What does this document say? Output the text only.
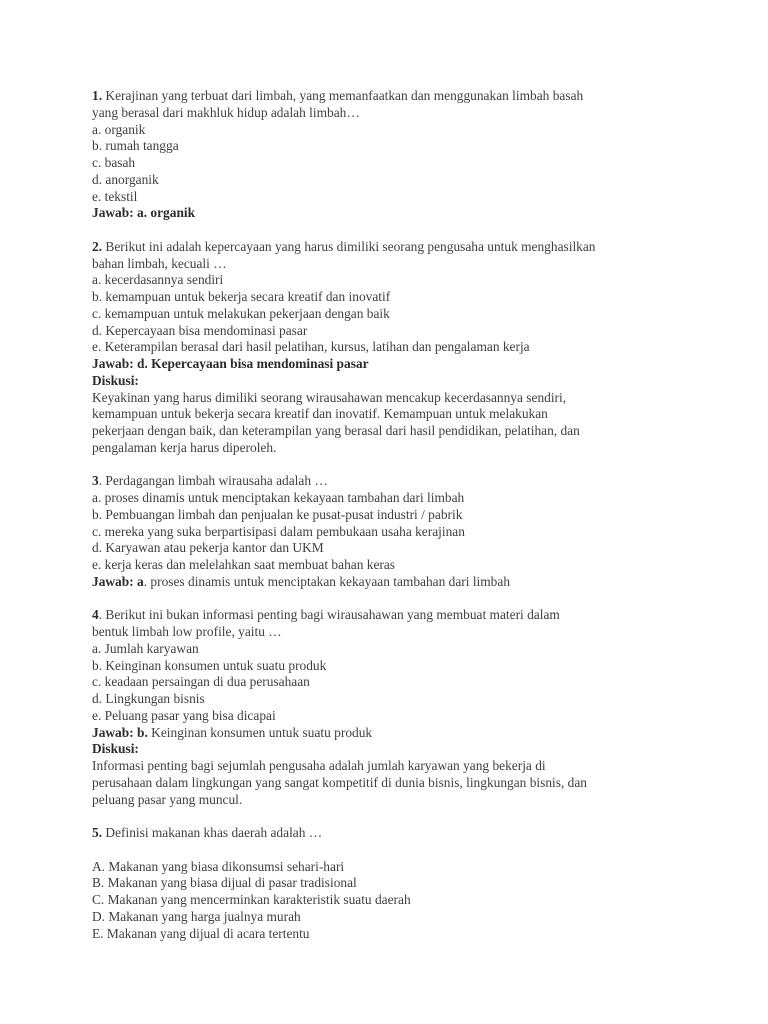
1. Kerajinan yang terbuat dari limbah, yang memanfaatkan dan menggunakan limbah basah
yang berasal dari makhluk hidup adalah limbah…
a. organik
b. rumah tangga
c. basah
d. anorganik
e. tekstil
Jawab: a. organik
2. Berikut ini adalah kepercayaan yang harus dimiliki seorang pengusaha untuk menghasilkan
bahan limbah, kecuali …
a. kecerdasannya sendiri
b. kemampuan untuk bekerja secara kreatif dan inovatif
c. kemampuan untuk melakukan pekerjaan dengan baik
d. Kepercayaan bisa mendominasi pasar
e. Keterampilan berasal dari hasil pelatihan, kursus, latihan dan pengalaman kerja
Jawab: d. Kepercayaan bisa mendominasi pasar
Diskusi:
Keyakinan yang harus dimiliki seorang wirausahawan mencakup kecerdasannya sendiri,
kemampuan untuk bekerja secara kreatif dan inovatif. Kemampuan untuk melakukan
pekerjaan dengan baik, dan keterampilan yang berasal dari hasil pendidikan, pelatihan, dan
pengalaman kerja harus diperoleh.
3. Perdagangan limbah wirausaha adalah …
a. proses dinamis untuk menciptakan kekayaan tambahan dari limbah
b. Pembuangan limbah dan penjualan ke pusat-pusat industri / pabrik
c. mereka yang suka berpartisipasi dalam pembukaan usaha kerajinan
d. Karyawan atau pekerja kantor dan UKM
e. kerja keras dan melelahkan saat membuat bahan keras
Jawab: a. proses dinamis untuk menciptakan kekayaan tambahan dari limbah
4. Berikut ini bukan informasi penting bagi wirausahawan yang membuat materi dalam
bentuk limbah low profile, yaitu …
a. Jumlah karyawan
b. Keinginan konsumen untuk suatu produk
c. keadaan persaingan di dua perusahaan
d. Lingkungan bisnis
e. Peluang pasar yang bisa dicapai
Jawab: b. Keinginan konsumen untuk suatu produk
Diskusi:
Informasi penting bagi sejumlah pengusaha adalah jumlah karyawan yang bekerja di
perusahaan dalam lingkungan yang sangat kompetitif di dunia bisnis, lingkungan bisnis, dan
peluang pasar yang muncul.
5. Definisi makanan khas daerah adalah …
A. Makanan yang biasa dikonsumsi sehari-hari
B. Makanan yang biasa dijual di pasar tradisional
C. Makanan yang mencerminkan karakteristik suatu daerah
D. Makanan yang harga jualnya murah
E. Makanan yang dijual di acara tertentu
